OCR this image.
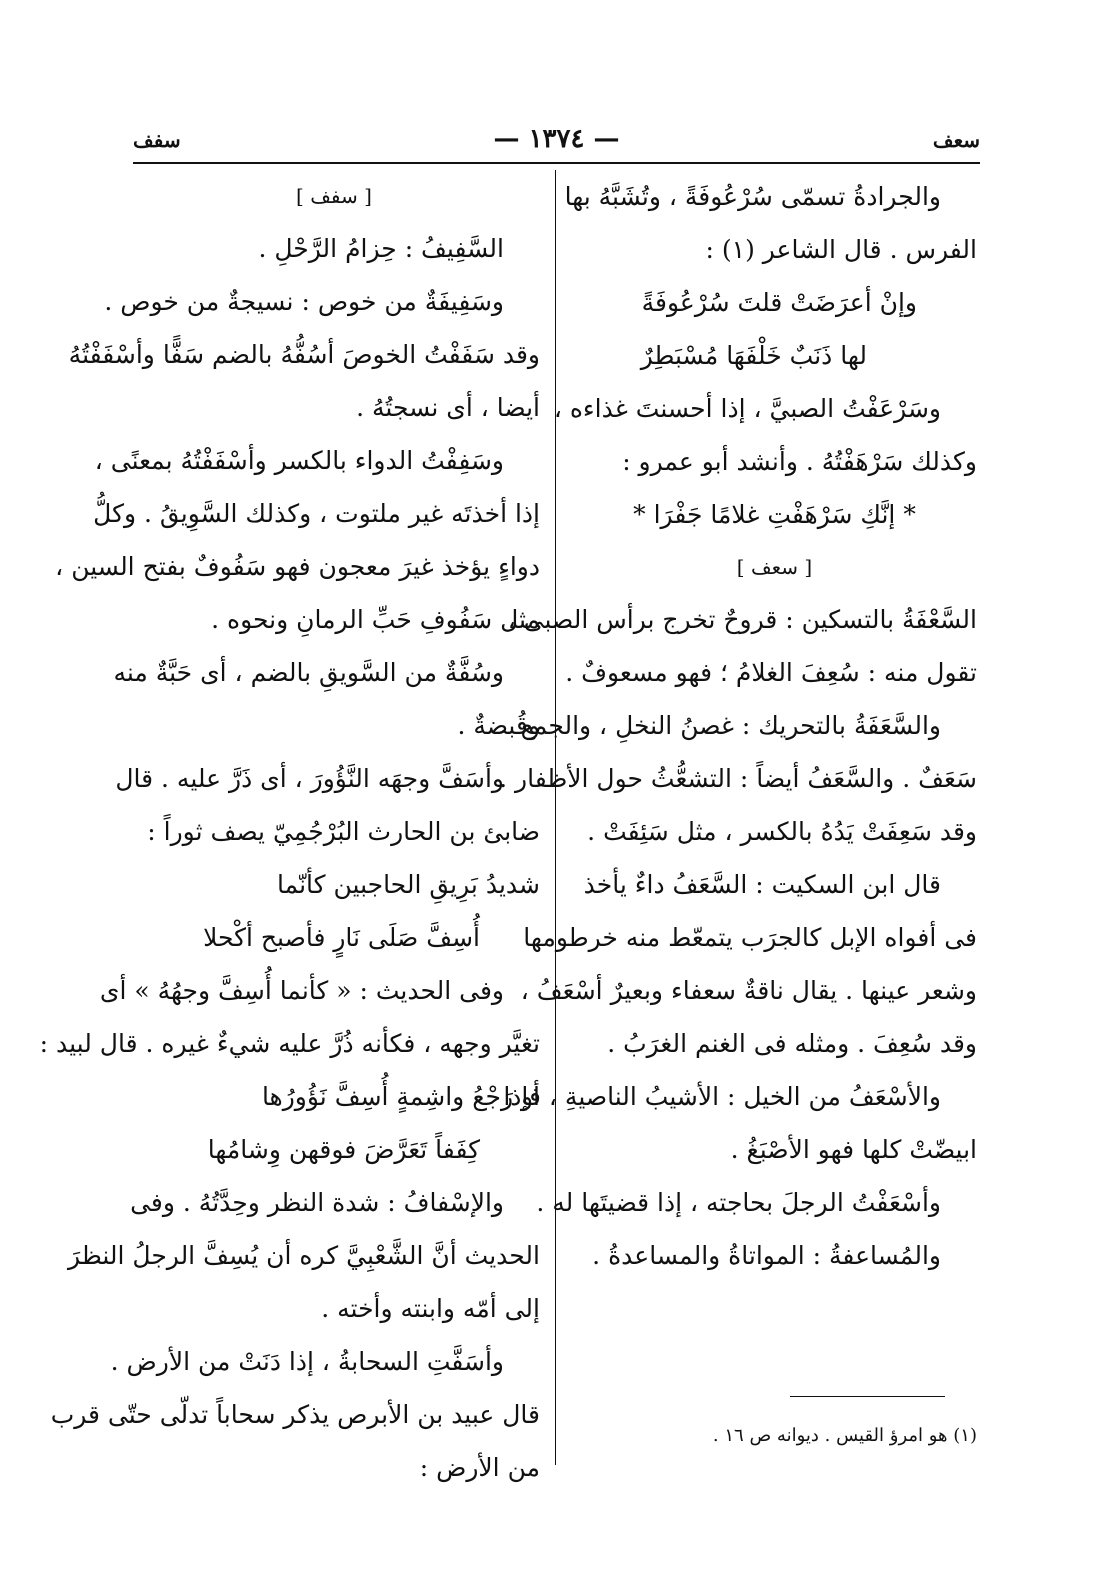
سعف
— ١٣٧٤ —
سفف
والجرادةُ تسمّى سُرْعُوفَةً ، وتُشَبَّهُ بها
الفرس . قال الشاعر (١) :
وإنْ أعرَضَتْ قلتَ سُرْعُوفَةً
لها ذَنَبٌ خَلْفَهَا مُسْبَطِرٌ
وسَرْعَفْتُ الصبيَّ ، إذا أحسنتَ غذاءه ،
وكذلك سَرْهَفْتُهُ . وأنشد أبو عمرو :
* إنَّكِ سَرْهَفْتِ غلامًا جَفْرَا *
[ سعف ]
السَّعْفَةُ بالتسكين : قروحٌ تخرج برأس الصبى ،
تقول منه : سُعِفَ الغلامُ ؛ فهو مسعوفٌ .
والسَّعَفَةُ بالتحريك : غصنُ النخلِ ، والجمع
سَعَفٌ . والسَّعَفُ أيضاً : التشعُّثُ حول الأظفار .
وقد سَعِفَتْ يَدُهُ بالكسر ، مثل سَئِفَتْ .
قال ابن السكيت : السَّعَفُ داءٌ يأخذ
فى أفواه الإبل كالجرَب يتمعّط منه خرطومها
وشعر عينها . يقال ناقةٌ سعفاء وبعيرٌ أسْعَفُ ،
وقد سُعِفَ . ومثله فى الغنم الغرَبُ .
والأسْعَفُ من الخيل : الأشيبُ الناصيةِ ، فإذا
ابيضّتْ كلها فهو الأصْبَغُ .
وأسْعَفْتُ الرجلَ بحاجته ، إذا قضيتَها له .
والمُساعفةُ : المواتاةُ والمساعدةُ .
[ سفف ]
السَّفِيفُ : حِزامُ الرَّحْلِ .
وسَفِيفَةٌ من خوص : نسيجةٌ من خوص .
وقد سَفَفْتُ الخوصَ أسُفُّهُ بالضم سَفًّا وأسْفَفْتُهُ
أيضا ، أى نسجتُهُ .
وسَفِفْتُ الدواء بالكسر وأسْفَفْتُهُ بمعنًى ،
إذا أخذتَه غير ملتوت ، وكذلك السَّوِيقُ . وكلُّ
دواءٍ يؤخذ غيرَ معجون فهو سَفُوفٌ بفتح السين ،
مثل سَفُوفِ حَبِّ الرمانِ ونحوه .
وسُفَّةٌ من السَّويقِ بالضم ، أى حَبَّةٌ منه
وقُبضةٌ .
وأسَفَّ وجهَه النَّؤُورَ ، أى ذَرَّ عليه . قال
ضابئ بن الحارث البُرْجُمِيّ يصف ثوراً :
شديدُ بَرِيقِ الحاجبين كأنّما
أُسِفَّ صَلَى نَارٍ فأصبح أكْحلا
وفى الحديث : « كأنما أُسِفَّ وجهُهُ » أى
تغيَّر وجهه ، فكأنه ذُرَّ عليه شيءٌ غيره . قال لبيد :
أو رَجْعُ واشِمةٍ أُسِفَّ نَؤُورُها
كِفَفاً تَعَرَّضَ فوقهن وِشامُها
والإسْفافُ : شدة النظر وحِدَّتُهُ . وفى
الحديث أنَّ الشَّعْبِيَّ كره أن يُسِفَّ الرجلُ النظرَ
إلى أمّه وابنته وأخته .
وأسَفَّتِ السحابةُ ، إذا دَنَتْ من الأرض .
قال عبيد بن الأبرص يذكر سحاباً تدلّى حتّى قرب
من الأرض :
(١) هو امرؤ القيس . ديوانه ص ١٦ .
